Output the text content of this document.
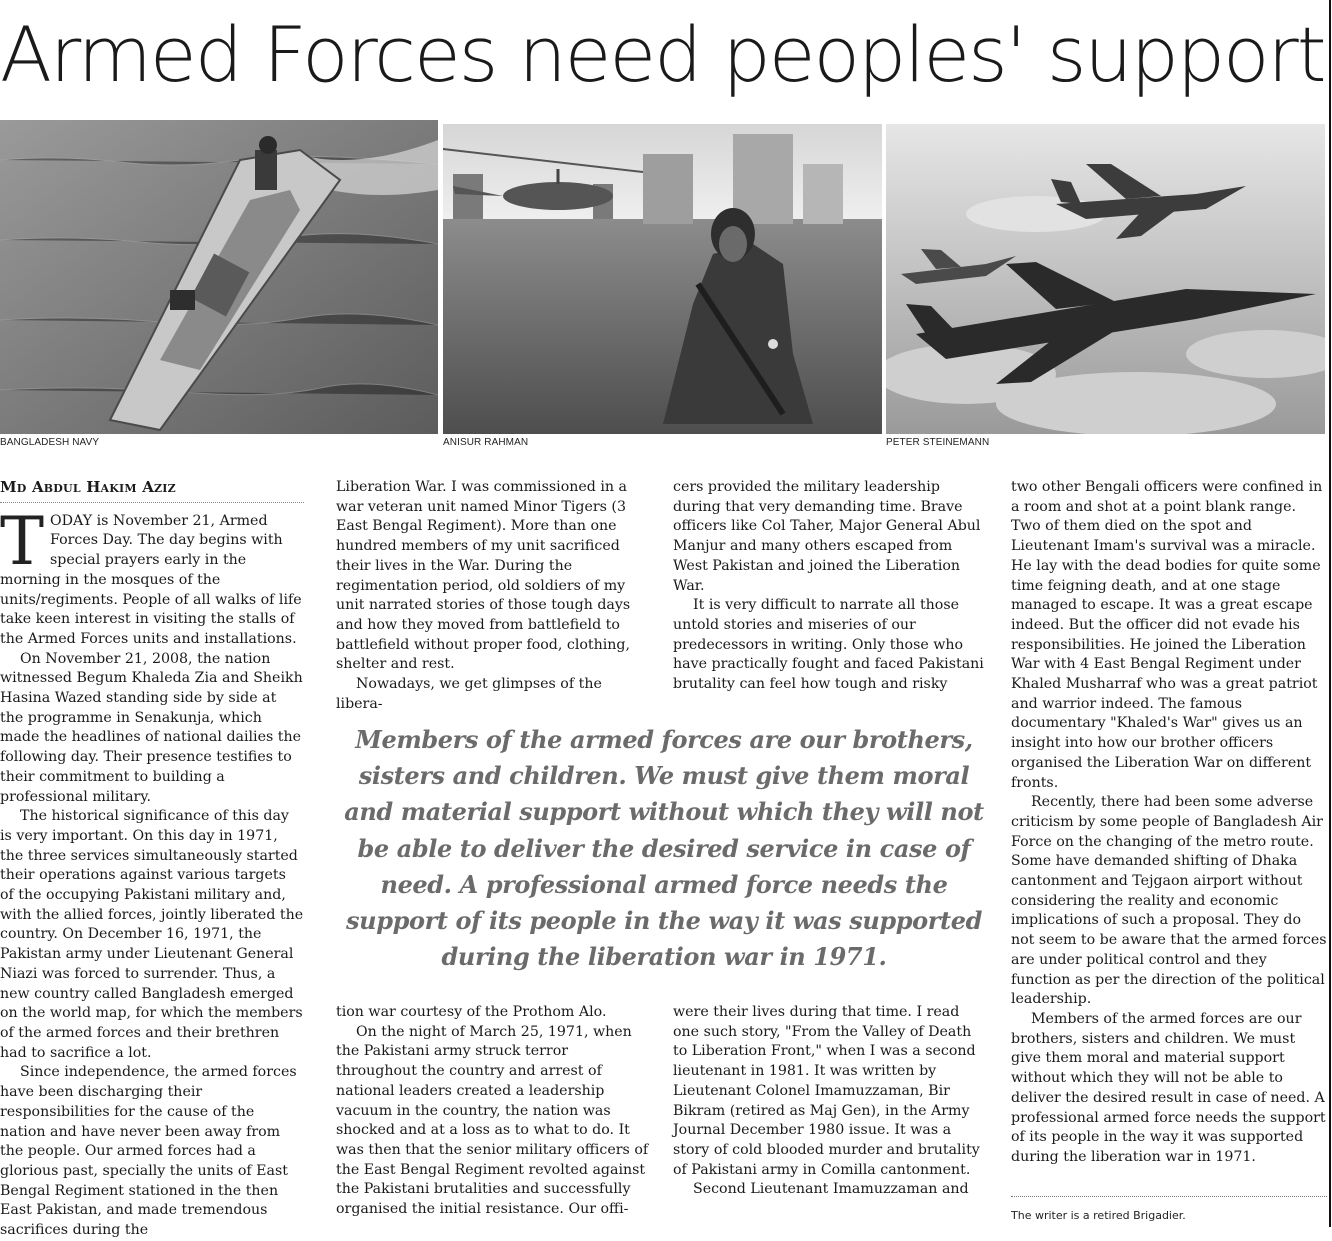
Armed Forces need peoples' support
BANGLADESH NAVY	ANISUR RAHMAN	PETER STEINEMANN
Md Abdul Hakim Aziz

TODAY is November 21, Armed Forces Day. The day begins with special prayers early in the morning in the mosques of the units/regiments. People of all walks of life take keen interest in visiting the stalls of the Armed Forces units and installations.

On November 21, 2008, the nation witnessed Begum Khaleda Zia and Sheikh Hasina Wazed standing side by side at the programme in Senakunja, which made the headlines of national dailies the following day. Their presence testifies to their commitment to building a professional military.

The historical significance of this day is very important. On this day in 1971, the three services simultaneously started their operations against various targets of the occupying Pakistani military and, with the allied forces, jointly liberated the country. On December 16, 1971, the Pakistan army under Lieutenant General Niazi was forced to surrender. Thus, a new country called Bangladesh emerged on the world map, for which the members of the armed forces and their brethren had to sacrifice a lot.

Since independence, the armed forces have been discharging their responsibilities for the cause of the nation and have never been away from the people. Our armed forces had a glorious past, specially the units of East Bengal Regiment stationed in the then East Pakistan, and made tremendous sacrifices during the

Liberation War. I was commissioned in a war veteran unit named Minor Tigers (3 East Bengal Regiment). More than one hundred members of my unit sacrificed their lives in the War. During the regimentation period, old soldiers of my unit narrated stories of those tough days and how they moved from battlefield to battlefield without proper food, clothing, shelter and rest.

Nowadays, we get glimpses of the libera-

cers provided the military leadership during that very demanding time. Brave officers like Col Taher, Major General Abul Manjur and many others escaped from West Pakistan and joined the Liberation War.

It is very difficult to narrate all those untold stories and miseries of our predecessors in writing. Only those who have practically fought and faced Pakistani brutality can feel how tough and risky

Members of the armed forces are our brothers, sisters and children. We must give them moral and material support without which they will not be able to deliver the desired service in case of need. A professional armed force needs the support of its people in the way it was supported during the liberation war in 1971.

tion war courtesy of the Prothom Alo.

On the night of March 25, 1971, when the Pakistani army struck terror throughout the country and arrest of national leaders created a leadership vacuum in the country, the nation was shocked and at a loss as to what to do. It was then that the senior military officers of the East Bengal Regiment revolted against the Pakistani brutalities and successfully organised the initial resistance. Our offi-

were their lives during that time. I read one such story, "From the Valley of Death to Liberation Front," when I was a second lieutenant in 1981. It was written by Lieutenant Colonel Imamuzzaman, Bir Bikram (retired as Maj Gen), in the Army Journal December 1980 issue. It was a story of cold blooded murder and brutality of Pakistani army in Comilla cantonment.

Second Lieutenant Imamuzzaman and

two other Bengali officers were confined in a room and shot at a point blank range. Two of them died on the spot and Lieutenant Imam's survival was a miracle. He lay with the dead bodies for quite some time feigning death, and at one stage managed to escape. It was a great escape indeed. But the officer did not evade his responsibilities. He joined the Liberation War with 4 East Bengal Regiment under Khaled Musharraf who was a great patriot and warrior indeed. The famous documentary "Khaled's War" gives us an insight into how our brother officers organised the Liberation War on different fronts.

Recently, there had been some adverse criticism by some people of Bangladesh Air Force on the changing of the metro route. Some have demanded shifting of Dhaka cantonment and Tejgaon airport without considering the reality and economic implications of such a proposal. They do not seem to be aware that the armed forces are under political control and they function as per the direction of the political leadership.

Members of the armed forces are our brothers, sisters and children. We must give them moral and material support without which they will not be able to deliver the desired result in case of need. A professional armed force needs the support of its people in the way it was supported during the liberation war in 1971.

The writer is a retired Brigadier.
